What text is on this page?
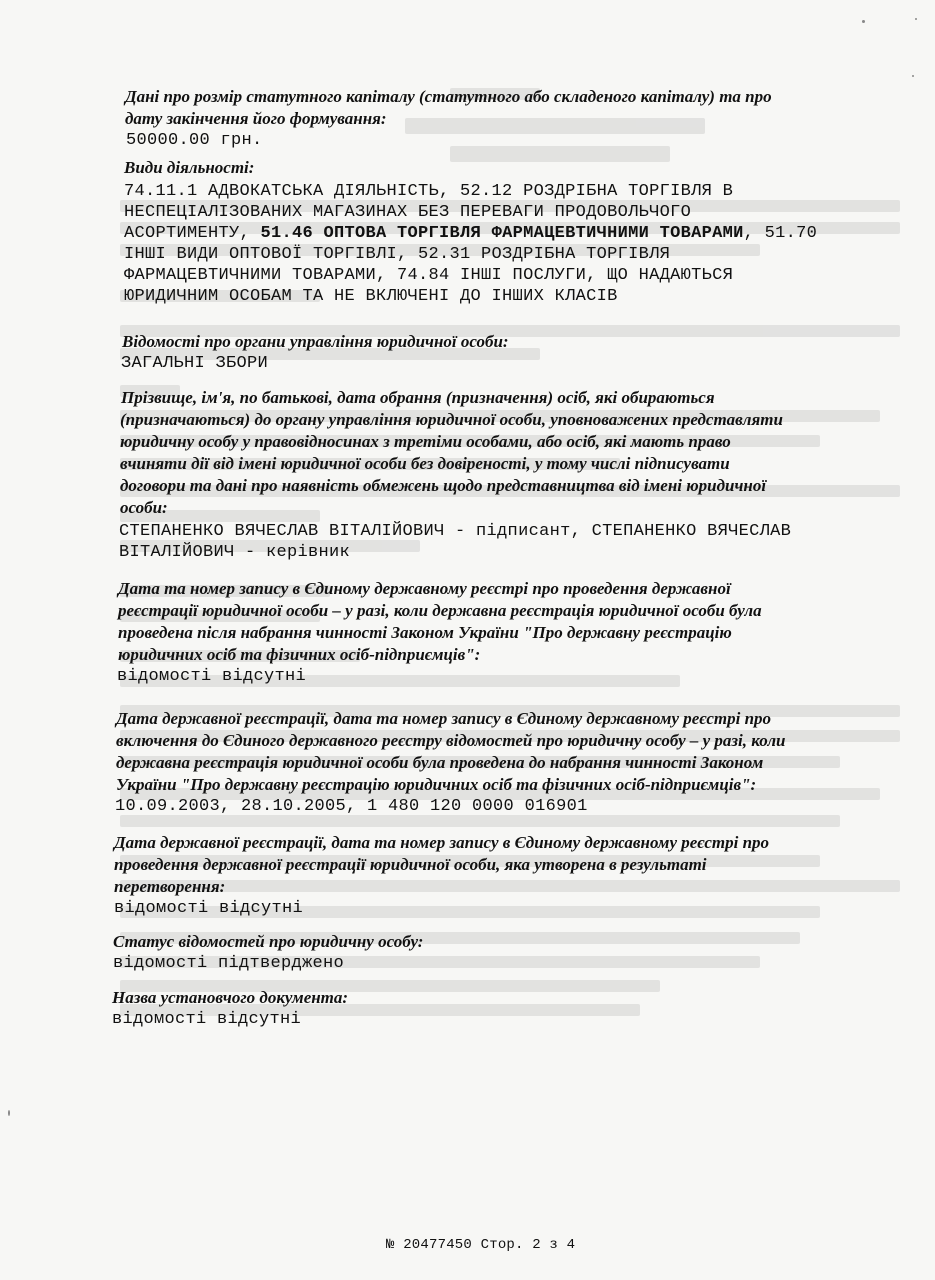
Дані про розмір статутного капіталу (статутного або складеного капіталу) та про
дату закінчення його формування:
50000.00 грн.
Види діяльності:
74.11.1 АДВОКАТСЬКА ДІЯЛЬНІСТЬ, 52.12 РОЗДРІБНА ТОРГІВЛЯ В
НЕСПЕЦІАЛІЗОВАНИХ МАГАЗИНАХ БЕЗ ПЕРЕВАГИ ПРОДОВОЛЬЧОГО
АСОРТИМЕНТУ, 51.46 ОПТОВА ТОРГІВЛЯ ФАРМАЦЕВТИЧНИМИ ТОВАРАМИ, 51.70
ІНШІ ВИДИ ОПТОВОЇ ТОРГІВЛІ, 52.31 РОЗДРІБНА ТОРГІВЛЯ
ФАРМАЦЕВТИЧНИМИ ТОВАРАМИ, 74.84 ІНШІ ПОСЛУГИ, ЩО НАДАЮТЬСЯ
ЮРИДИЧНИМ ОСОБАМ ТА НЕ ВКЛЮЧЕНІ ДО ІНШИХ КЛАСІВ
Відомості про органи управління юридичної особи:
ЗАГАЛЬНІ ЗБОРИ
Прізвище, ім'я, по батькові, дата обрання (призначення) осіб, які обираються
(призначаються) до органу управління юридичної особи, уповноважених представляти
юридичну особу у правовідносинах з третіми особами, або осіб, які мають право
вчиняти дії від імені юридичної особи без довіреності, у тому числі підписувати
договори та дані про наявність обмежень щодо представництва від імені юридичної
особи:
СТЕПАНЕНКО ВЯЧЕСЛАВ ВІТАЛІЙОВИЧ - підписант, СТЕПАНЕНКО ВЯЧЕСЛАВ
ВІТАЛІЙОВИЧ - керівник
Дата та номер запису в Єдиному державному реєстрі про проведення державної
реєстрації юридичної особи – у разі, коли державна реєстрація юридичної особи була
проведена після набрання чинності Законом України "Про державну реєстрацію
юридичних осіб та фізичних осіб-підприємців":
відомості відсутні
Дата державної реєстрації, дата та номер запису в Єдиному державному реєстрі про
включення до Єдиного державного реєстру відомостей про юридичну особу – у разі, коли
державна реєстрація юридичної особи була проведена до набрання чинності Законом
України "Про державну реєстрацію юридичних осіб та фізичних осіб-підприємців":
10.09.2003, 28.10.2005, 1 480 120 0000 016901
Дата державної реєстрації, дата та номер запису в Єдиному державному реєстрі про
проведення державної реєстрації юридичної особи, яка утворена в результаті
перетворення:
відомості відсутні
Статус відомостей про юридичну особу:
відомості підтверджено
Назва установчого документа:
відомості відсутні
№ 20477450 Стор. 2 з 4
